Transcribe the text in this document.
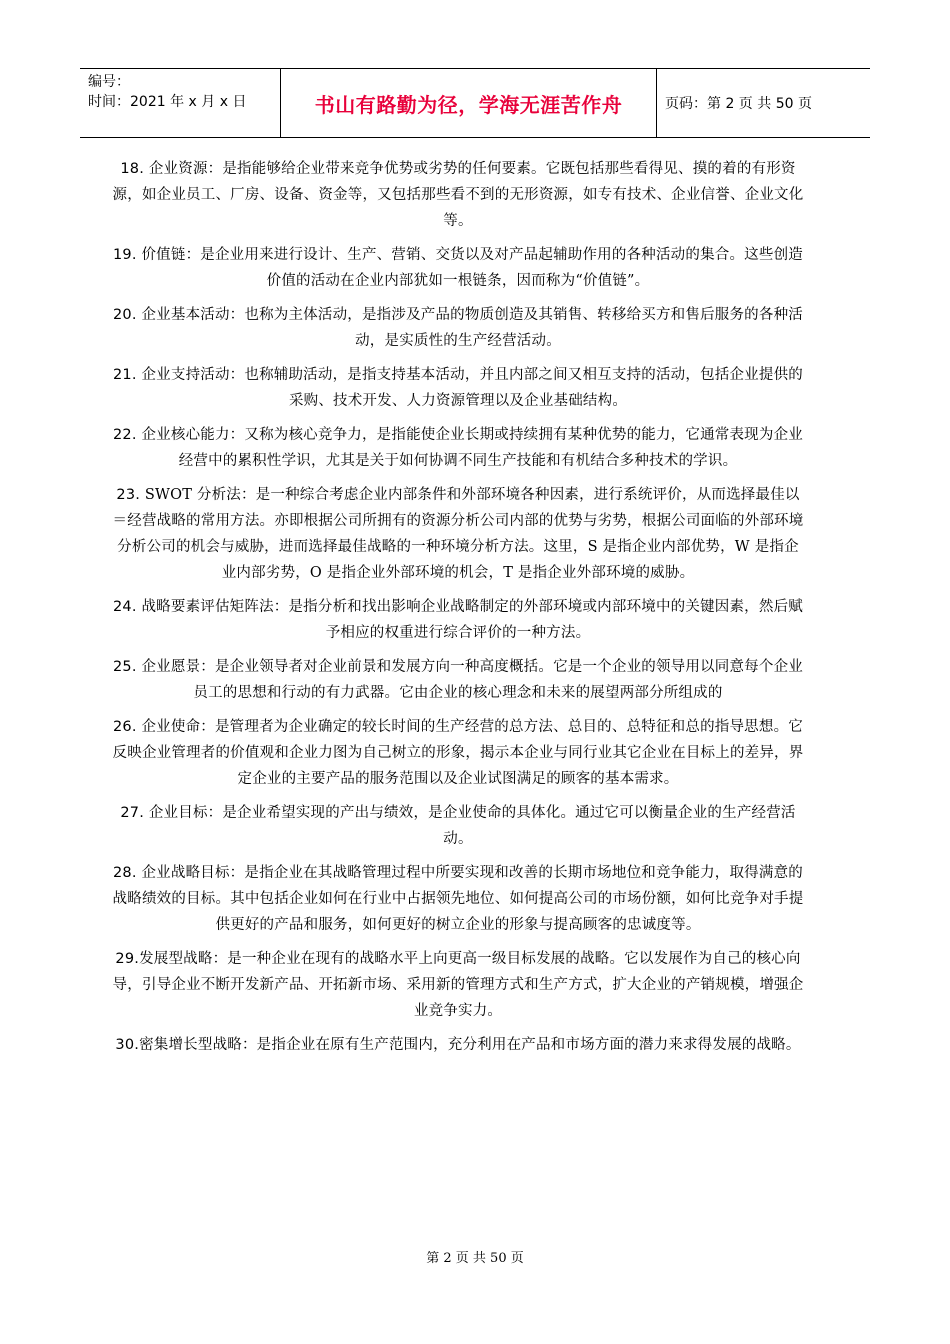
编号：
时间：2021 年 x 月 x 日	书山有路勤为径，学海无涯苦作舟	页码：第 2 页 共 50 页

18. 企业资源：是指能够给企业带来竞争优势或劣势的任何要素。它既包括那些看得见、摸的着的有形资源，如企业员工、厂房、设备、资金等，又包括那些看不到的无形资源，如专有技术、企业信誉、企业文化等。

19. 价值链：是企业用来进行设计、生产、营销、交货以及对产品起辅助作用的各种活动的集合。这些创造价值的活动在企业内部犹如一根链条，因而称为“价值链”。

20. 企业基本活动：也称为主体活动，是指涉及产品的物质创造及其销售、转移给买方和售后服务的各种活动，是实质性的生产经营活动。

21. 企业支持活动：也称辅助活动，是指支持基本活动，并且内部之间又相互支持的活动，包括企业提供的采购、技术开发、人力资源管理以及企业基础结构。

22. 企业核心能力：又称为核心竞争力，是指能使企业长期或持续拥有某种优势的能力，它通常表现为企业经营中的累积性学识，尤其是关于如何协调不同生产技能和有机结合多种技术的学识。

23. SWOT 分析法：是一种综合考虑企业内部条件和外部环境各种因素，进行系统评价，从而选择最佳以＝经营战略的常用方法。亦即根据公司所拥有的资源分析公司内部的优势与劣势，根据公司面临的外部环境分析公司的机会与威胁，进而选择最佳战略的一种环境分析方法。这里，S 是指企业内部优势，W 是指企业内部劣势，O 是指企业外部环境的机会，T 是指企业外部环境的威胁。

24. 战略要素评估矩阵法：是指分析和找出影响企业战略制定的外部环境或内部环境中的关键因素，然后赋予相应的权重进行综合评价的一种方法。

25. 企业愿景：是企业领导者对企业前景和发展方向一种高度概括。它是一个企业的领导用以同意每个企业员工的思想和行动的有力武器。它由企业的核心理念和未来的展望两部分所组成的

26. 企业使命：是管理者为企业确定的较长时间的生产经营的总方法、总目的、总特征和总的指导思想。它反映企业管理者的价值观和企业力图为自己树立的形象，揭示本企业与同行业其它企业在目标上的差异，界定企业的主要产品的服务范围以及企业试图满足的顾客的基本需求。

27. 企业目标：是企业希望实现的产出与绩效，是企业使命的具体化。通过它可以衡量企业的生产经营活动。

28. 企业战略目标：是指企业在其战略管理过程中所要实现和改善的长期市场地位和竞争能力，取得满意的战略绩效的目标。其中包括企业如何在行业中占据领先地位、如何提高公司的市场份额，如何比竞争对手提供更好的产品和服务，如何更好的树立企业的形象与提高顾客的忠诚度等。

29.发展型战略：是一种企业在现有的战略水平上向更高一级目标发展的战略。它以发展作为自己的核心向导，引导企业不断开发新产品、开拓新市场、采用新的管理方式和生产方式，扩大企业的产销规模，增强企业竞争实力。

30.密集增长型战略：是指企业在原有生产范围内，充分利用在产品和市场方面的潜力来求得发展的战略。

第 2 页 共 50 页
